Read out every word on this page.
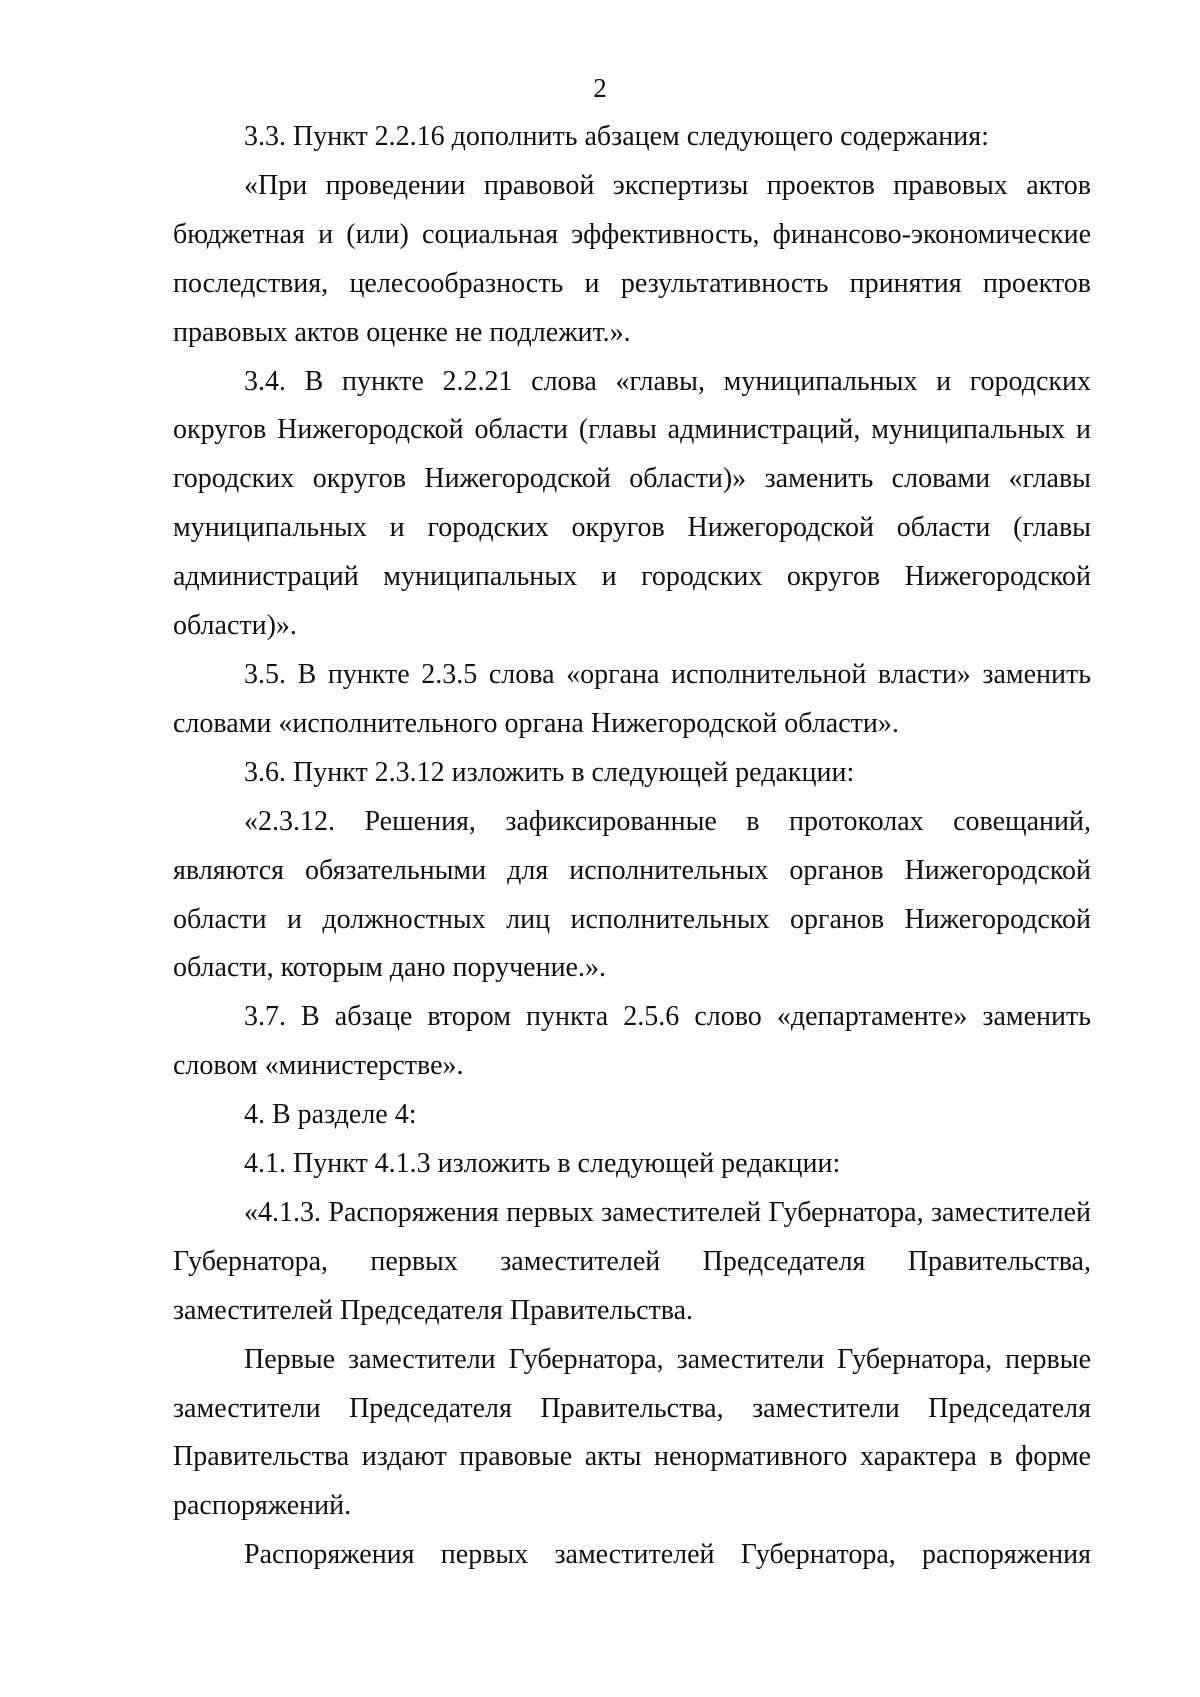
2

3.3. Пункт 2.2.16 дополнить абзацем следующего содержания:

«При проведении правовой экспертизы проектов правовых актов бюджетная и (или) социальная эффективность, финансово-экономические последствия, целесообразность и результативность принятия проектов правовых актов оценке не подлежит.».

3.4. В пункте 2.2.21 слова «главы, муниципальных и городских округов Нижегородской области (главы администраций, муниципальных и городских округов Нижегородской области)» заменить словами «главы муниципальных и городских округов Нижегородской области (главы администраций муниципальных и городских округов Нижегородской области)».

3.5. В пункте 2.3.5 слова «органа исполнительной власти» заменить словами «исполнительного органа Нижегородской области».

3.6. Пункт 2.3.12 изложить в следующей редакции:

«2.3.12. Решения, зафиксированные в протоколах совещаний, являются обязательными для исполнительных органов Нижегородской области и должностных лиц исполнительных органов Нижегородской области, которым дано поручение.».

3.7. В абзаце втором пункта 2.5.6 слово «департаменте» заменить словом «министерстве».

4. В разделе 4:

4.1. Пункт 4.1.3 изложить в следующей редакции:

«4.1.3. Распоряжения первых заместителей Губернатора, заместителей Губернатора, первых заместителей Председателя Правительства, заместителей Председателя Правительства.

Первые заместители Губернатора, заместители Губернатора, первые заместители Председателя Правительства, заместители Председателя Правительства издают правовые акты ненормативного характера в форме распоряжений.

Распоряжения первых заместителей Губернатора, распоряжения
